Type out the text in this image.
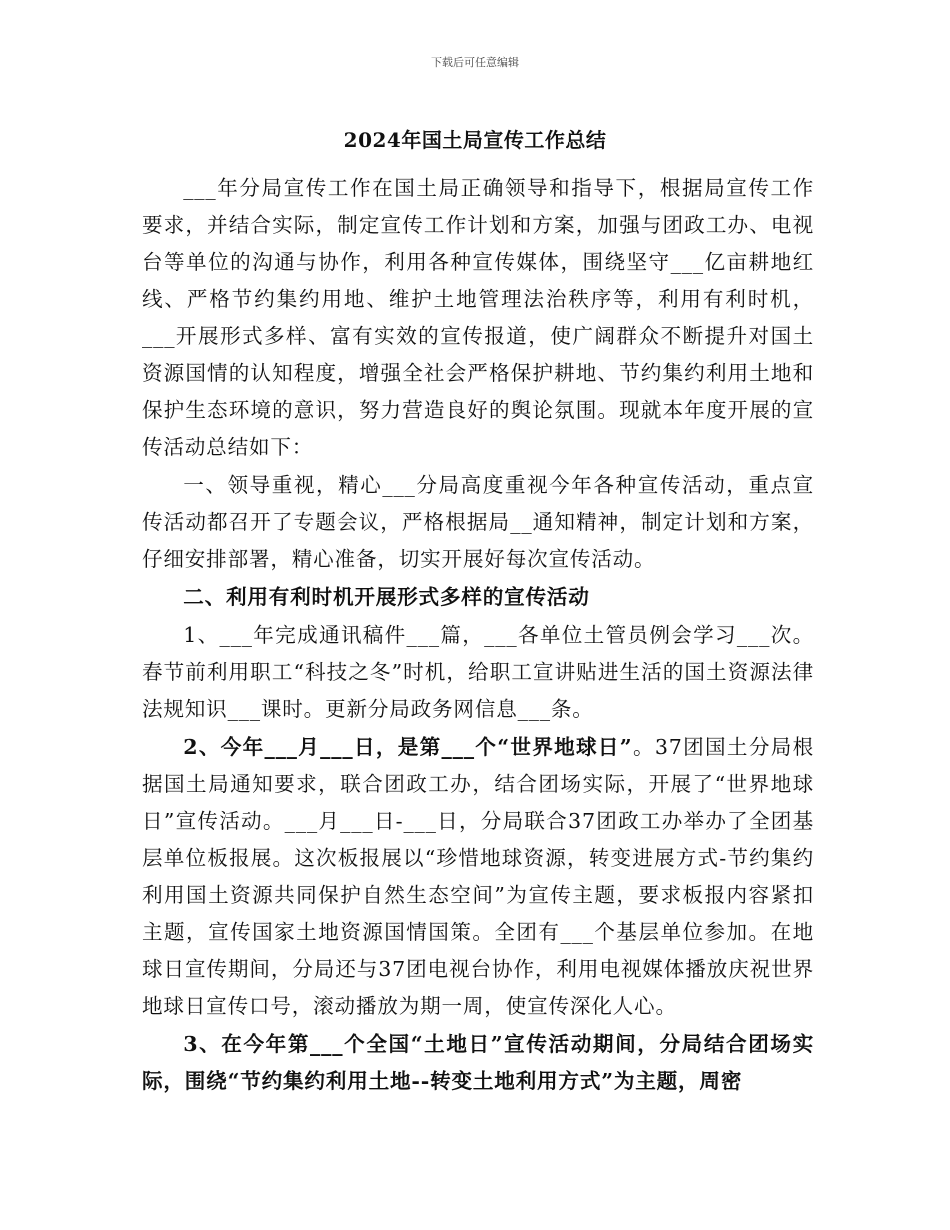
下载后可任意编辑
2024年国土局宣传工作总结

___年分局宣传工作在国土局正确领导和指导下，根据局宣传工作要求，并结合实际，制定宣传工作计划和方案，加强与团政工办、电视台等单位的沟通与协作，利用各种宣传媒体，围绕坚守___亿亩耕地红线、严格节约集约用地、维护土地管理法治秩序等，利用有利时机，___开展形式多样、富有实效的宣传报道，使广阔群众不断提升对国土资源国情的认知程度，增强全社会严格保护耕地、节约集约利用土地和保护生态环境的意识，努力营造良好的舆论氛围。现就本年度开展的宣传活动总结如下：

一、领导重视，精心___分局高度重视今年各种宣传活动，重点宣传活动都召开了专题会议，严格根据局__通知精神，制定计划和方案，仔细安排部署，精心准备，切实开展好每次宣传活动。

二、利用有利时机开展形式多样的宣传活动

1、___年完成通讯稿件___篇，___各单位土管员例会学习___次。春节前利用职工“科技之冬”时机，给职工宣讲贴进生活的国土资源法律法规知识___课时。更新分局政务网信息___条。

2、今年___月___日，是第___个“世界地球日”。37团国土分局根据国土局通知要求，联合团政工办，结合团场实际，开展了“世界地球日”宣传活动。___月___日-___日，分局联合37团政工办举办了全团基层单位板报展。这次板报展以“珍惜地球资源，转变进展方式-节约集约利用国土资源共同保护自然生态空间”为宣传主题，要求板报内容紧扣主题，宣传国家土地资源国情国策。全团有___个基层单位参加。在地球日宣传期间，分局还与37团电视台协作，利用电视媒体播放庆祝世界地球日宣传口号，滚动播放为期一周，使宣传深化人心。

3、在今年第___个全国“土地日”宣传活动期间，分局结合团场实际，围绕“节约集约利用土地--转变土地利用方式”为主题，周密
